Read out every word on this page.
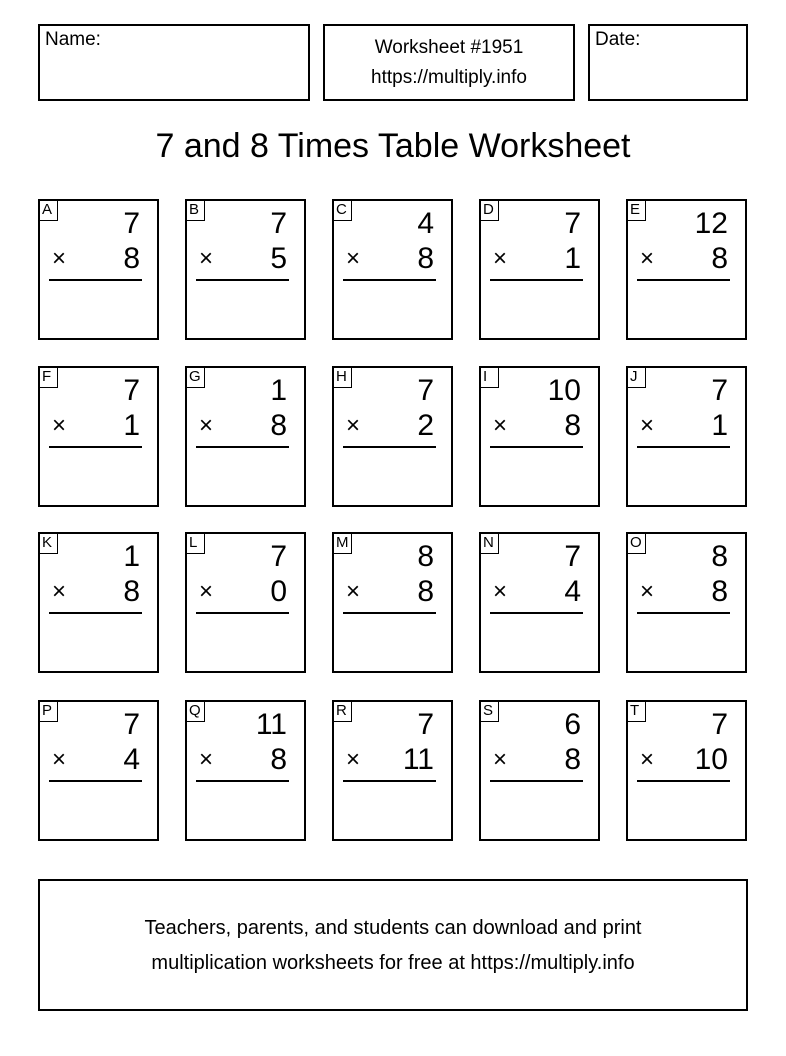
Name:	Worksheet #1951
https://multiply.info
Date:
7 and 8 Times Table Worksheet
A 7
× 8
B 7
× 5
C 4
× 8
D 7
× 1
E 12
× 8
F 7
× 1
G 1
× 8
H 7
× 2
I	10
× 8
J 7
× 1
K 1
× 8
L 7
× 0
M 8
× 8
N 7
× 4
O 8
× 8
P 7
× 4
Q 11
× 8
R 7
× 11
S 6
× 8
T 7
× 10
Teachers, parents, and students can download and print
multiplication worksheets for free at https://multiply.info
